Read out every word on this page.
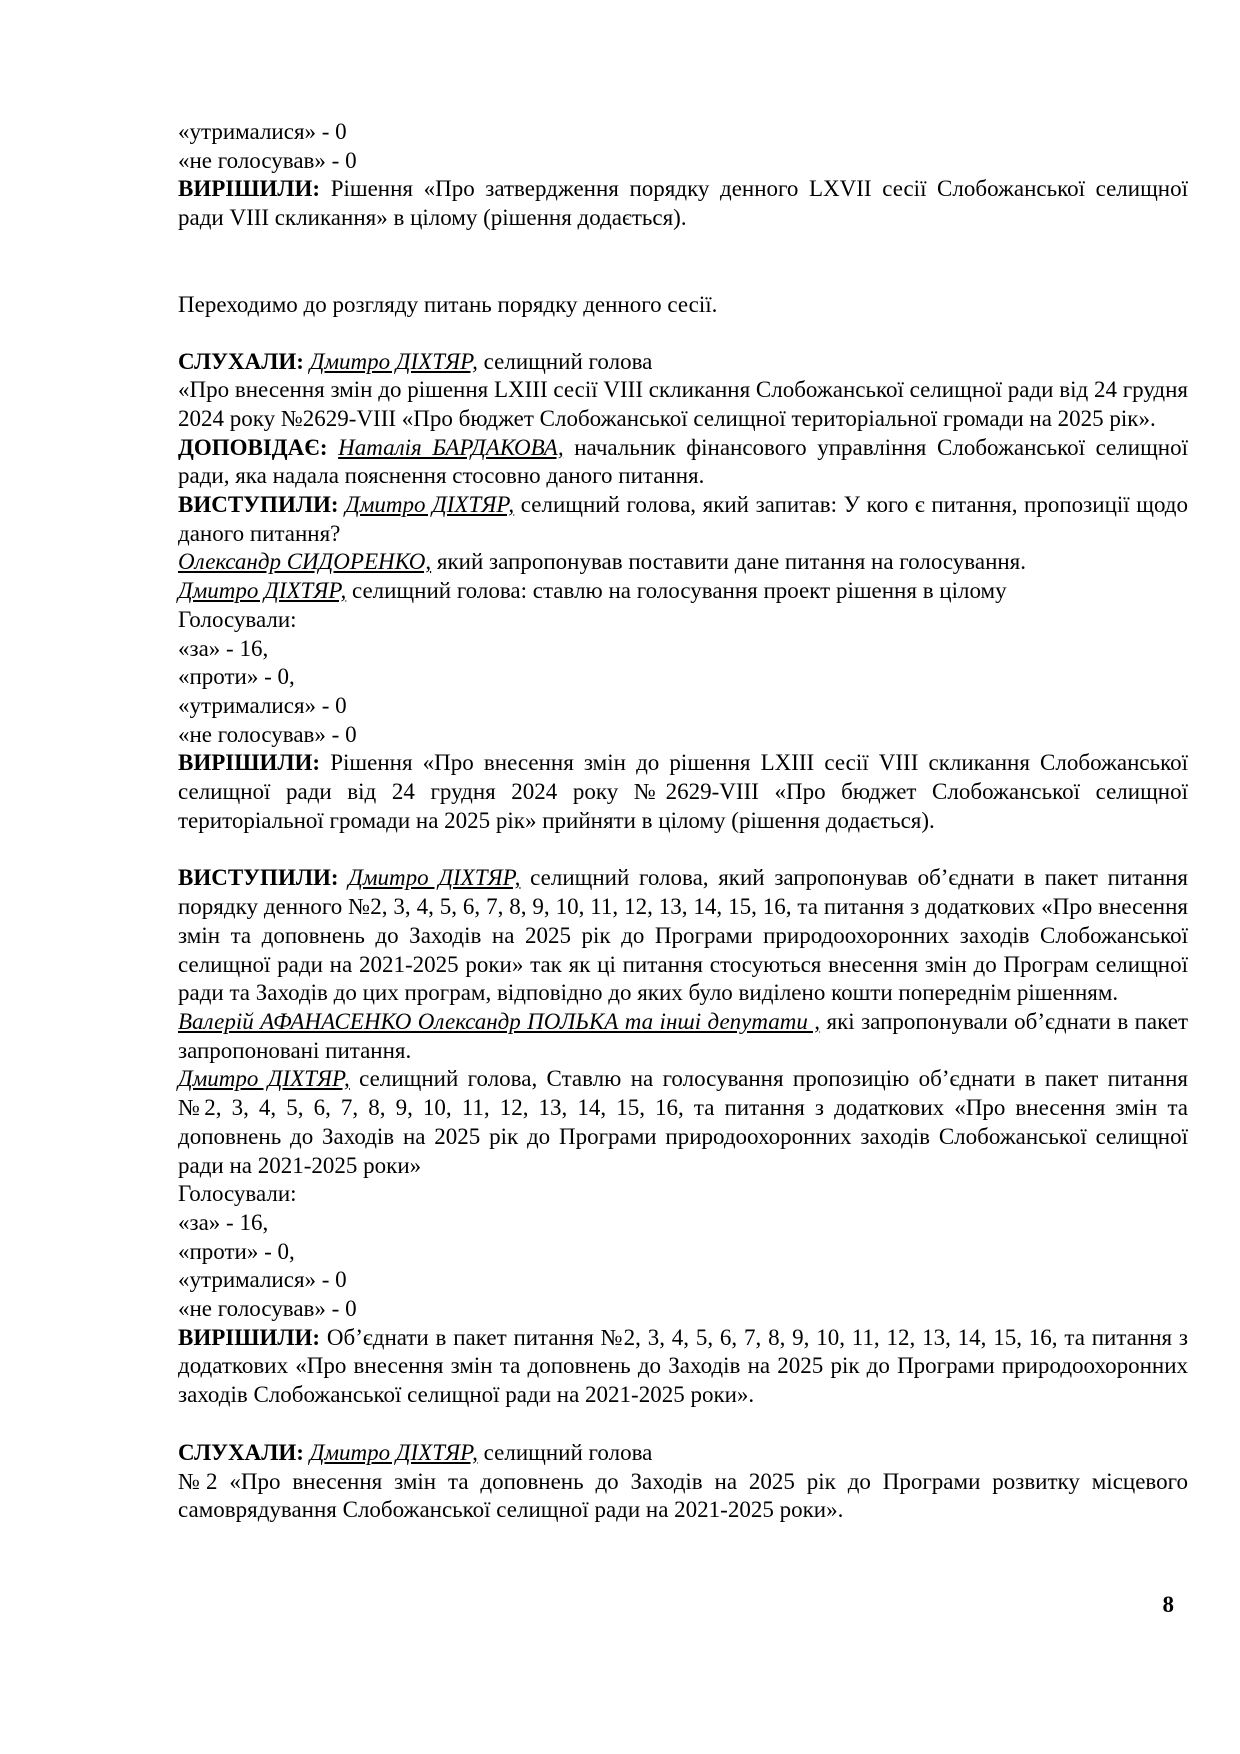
«утрималися» - 0

«не голосував» - 0

ВИРІШИЛИ: Рішення «Про затвердження порядку денного LXVII сесії Слобожанської селищної ради VIII скликання» в цілому (рішення додається).

Переходимо до розгляду питань порядку денного сесії.

СЛУХАЛИ: Дмитро ДІХТЯР, селищний голова

«Про внесення змін до рішення LXIII сесії VIII скликання Слобожанської селищної ради від 24 грудня 2024 року №2629-VIII «Про бюджет Слобожанської селищної територіальної громади на 2025 рік».

ДОПОВІДАЄ: Наталія БАРДАКОВА, начальник фінансового управління Слобожанської селищної ради, яка надала пояснення стосовно даного питання.

ВИСТУПИЛИ: Дмитро ДІХТЯР, селищний голова, який запитав: У кого є питання, пропозиції щодо даного питання?

Олександр СИДОРЕНКО, який запропонував поставити дане питання на голосування.

Дмитро ДІХТЯР, селищний голова: ставлю на голосування проект рішення в цілому

Голосували:

«за» - 16,

«проти» - 0,

«утрималися» - 0

«не голосував» - 0

ВИРІШИЛИ: Рішення «Про внесення змін до рішення LXIII сесії VIII скликання Слобожанської селищної ради від 24 грудня 2024 року №2629-VIII «Про бюджет Слобожанської селищної територіальної громади на 2025 рік» прийняти в цілому (рішення додається).

ВИСТУПИЛИ: Дмитро ДІХТЯР, селищний голова, який запропонував об’єднати в пакет питання порядку денного №2, 3, 4, 5, 6, 7, 8, 9, 10, 11, 12, 13, 14, 15, 16, та питання з додаткових «Про внесення змін та доповнень до Заходів на 2025 рік до Програми природоохоронних заходів Слобожанської селищної ради на 2021-2025 роки» так як ці питання стосуються внесення змін до Програм селищної ради та Заходів до цих програм, відповідно до яких було виділено кошти попереднім рішенням.

Валерій АФАНАСЕНКО Олександр ПОЛЬКА та інші депутати , які запропонували об’єднати в пакет запропоновані питання.

Дмитро ДІХТЯР, селищний голова, Ставлю на голосування пропозицію об’єднати в пакет питання №2, 3, 4, 5, 6, 7, 8, 9, 10, 11, 12, 13, 14, 15, 16, та питання з додаткових «Про внесення змін та доповнень до Заходів на 2025 рік до Програми природоохоронних заходів Слобожанської селищної ради на 2021-2025 роки»

Голосували:

«за» - 16,

«проти» - 0,

«утрималися» - 0

«не голосував» - 0

ВИРІШИЛИ: Об’єднати в пакет питання №2, 3, 4, 5, 6, 7, 8, 9, 10, 11, 12, 13, 14, 15, 16, та питання з додаткових «Про внесення змін та доповнень до Заходів на 2025 рік до Програми природоохоронних заходів Слобожанської селищної ради на 2021-2025 роки».

СЛУХАЛИ: Дмитро ДІХТЯР, селищний голова

№2 «Про внесення змін та доповнень до Заходів на 2025 рік до Програми розвитку місцевого самоврядування Слобожанської селищної ради на 2021-2025 роки».

8
